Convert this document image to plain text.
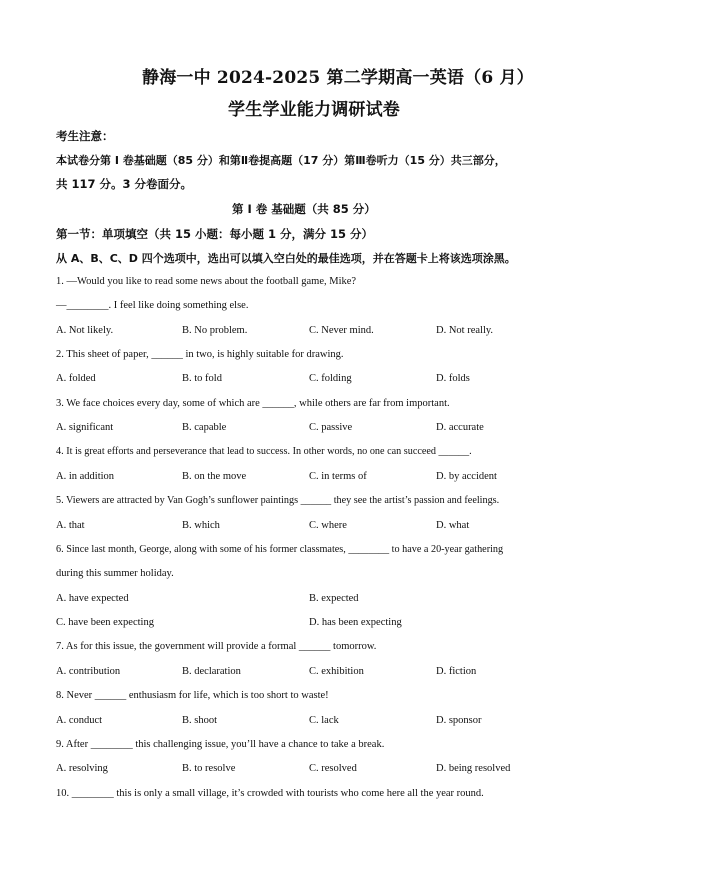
静海一中 2024-2025 第二学期高一英语（6 月）
学生学业能力调研试卷
考生注意：
本试卷分第 I 卷基础题（85 分）和第Ⅱ卷提高题（17 分）第Ⅲ卷听力（15 分）共三部分，
共 117 分。3 分卷面分。
第 I 卷 基础题（共 85 分）
第一节：单项填空（共 15 小题：每小题 1 分，满分 15 分）
从 A、B、C、D 四个选项中，选出可以填入空白处的最佳选项，并在答题卡上将该选项涂黑。
1. —Would you like to read some news about the football game, Mike?
—________. I feel like doing something else.
A. Not likely.	B. No problem.	C. Never mind.	D. Not really.
2. This sheet of paper, ______ in two, is highly suitable for drawing.
A. folded	B. to fold	C. folding	D. folds
3. We face choices every day, some of which are ______, while others are far from important.
A. significant	B. capable	C. passive	D. accurate
4. It is great efforts and perseverance that lead to success. In other words, no one can succeed ______.
A. in addition	B. on the move	C. in terms of	D. by accident
5. Viewers are attracted by Van Gogh’s sunflower paintings ______ they see the artist’s passion and feelings.
A. that	B. which	C. where	D. what
6. Since last month, George, along with some of his former classmates, ________ to have a 20-year gathering
during this summer holiday.
A. have expected	B. expected
C. have been expecting	D. has been expecting
7. As for this issue, the government will provide a formal ______ tomorrow.
A. contribution	B. declaration	C. exhibition	D. fiction
8. Never ______ enthusiasm for life, which is too short to waste!
A. conduct	B. shoot	C. lack	D. sponsor
9. After ________ this challenging issue, you’ll have a chance to take a break.
A. resolving	B. to resolve	C. resolved	D. being resolved
10. ________ this is only a small village, it’s crowded with tourists who come here all the year round.
